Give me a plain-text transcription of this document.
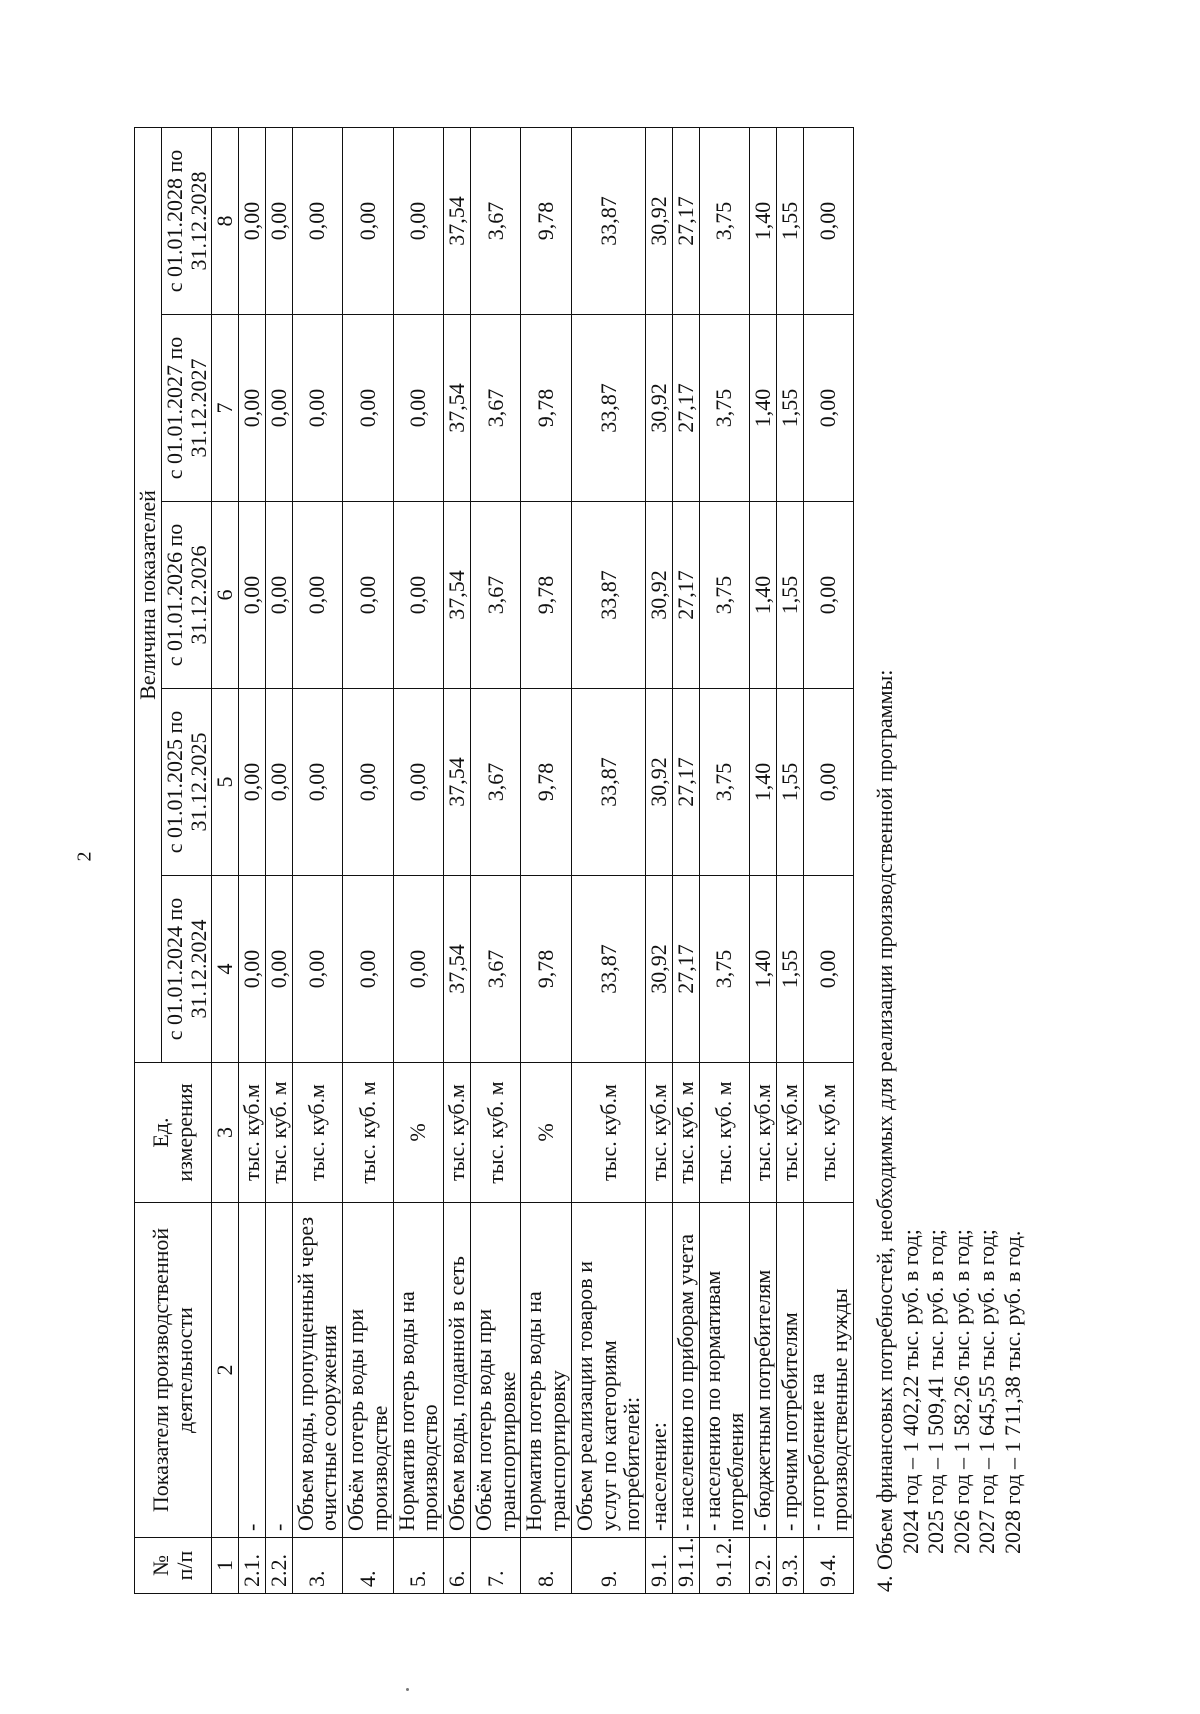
2
№ п/п	Показатели производственной деятельности	Ед. измерения	Величина показателей				
			с 01.01.2024 по 31.12.2024	с 01.01.2025 по 31.12.2025	с 01.01.2026 по 31.12.2026	с 01.01.2027 по 31.12.2027	с 01.01.2028 по 31.12.2028
1	2	3	4	5	6	7	8
2.1.	-	тыс. куб.м	0,00	0,00	0,00	0,00	0,00
2.2.	-	тыс. куб. м	0,00	0,00	0,00	0,00	0,00
3.	Объем воды, пропущенный через очистные сооружения	тыс. куб.м	0,00	0,00	0,00	0,00	0,00
4.	Объём потерь воды при производстве	тыс. куб. м	0,00	0,00	0,00	0,00	0,00
5.	Норматив потерь воды на производство	%	0,00	0,00	0,00	0,00	0,00
6.	Объем воды, поданной в сеть	тыс. куб.м	37,54	37,54	37,54	37,54	37,54
7.	Объём потерь воды при транспортировке	тыс. куб. м	3,67	3,67	3,67	3,67	3,67
8.	Норматив потерь воды на транспортировку	%	9,78	9,78	9,78	9,78	9,78
9.	Объем реализации товаров и услуг по категориям потребителей:	тыс. куб.м	33,87	33,87	33,87	33,87	33,87
9.1.	-население:	тыс. куб.м	30,92	30,92	30,92	30,92	30,92
9.1.1.	- населению по приборам учета	тыс. куб. м	27,17	27,17	27,17	27,17	27,17
9.1.2.	- населению по нормативам потребления	тыс. куб. м	3,75	3,75	3,75	3,75	3,75
9.2.	- бюджетным потребителям	тыс. куб.м	1,40	1,40	1,40	1,40	1,40
9.3.	- прочим потребителям	тыс. куб.м	1,55	1,55	1,55	1,55	1,55
9.4.	- потребление на производственные нужды	тыс. куб.м	0,00	0,00	0,00	0,00	0,00
4. Объем финансовых потребностей, необходимых для реализации производственной программы: 2024 год – 1 402,22 тыс. руб. в год; 2025 год – 1 509,41 тыс. руб. в год; 2026 год – 1 582,26 тыс. руб. в год; 2027 год – 1 645,55 тыс. руб. в год; 2028 год – 1 711,38 тыс. руб. в год.
